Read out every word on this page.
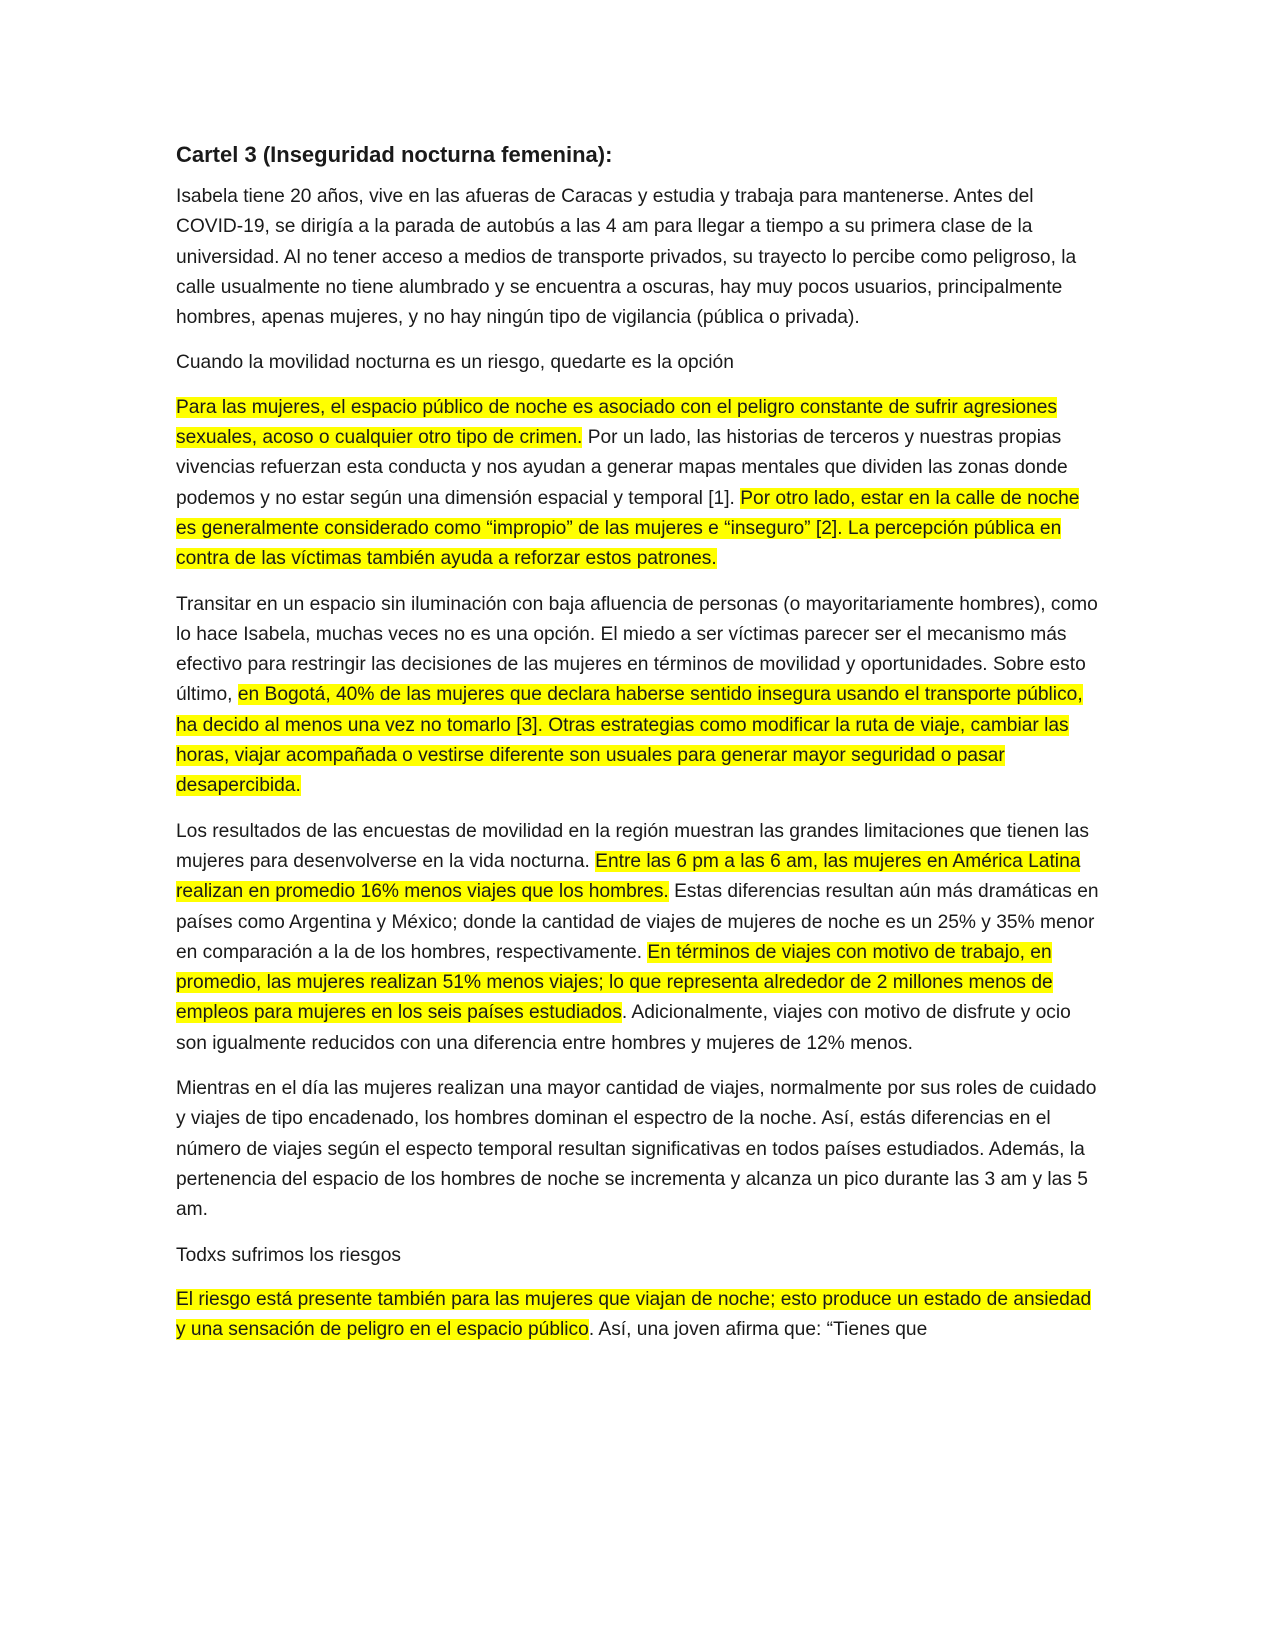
Cartel 3 (Inseguridad nocturna femenina):

Isabela tiene 20 años, vive en las afueras de Caracas y estudia y trabaja para mantenerse. Antes del COVID-19, se dirigía a la parada de autobús a las 4 am para llegar a tiempo a su primera clase de la universidad. Al no tener acceso a medios de transporte privados, su trayecto lo percibe como peligroso, la calle usualmente no tiene alumbrado y se encuentra a oscuras, hay muy pocos usuarios, principalmente hombres, apenas mujeres, y no hay ningún tipo de vigilancia (pública o privada).

Cuando la movilidad nocturna es un riesgo, quedarte es la opción

Para las mujeres, el espacio público de noche es asociado con el peligro constante de sufrir agresiones sexuales, acoso o cualquier otro tipo de crimen. Por un lado, las historias de terceros y nuestras propias vivencias refuerzan esta conducta y nos ayudan a generar mapas mentales que dividen las zonas donde podemos y no estar según una dimensión espacial y temporal [1]. Por otro lado, estar en la calle de noche es generalmente considerado como “impropio” de las mujeres e “inseguro” [2]. La percepción pública en contra de las víctimas también ayuda a reforzar estos patrones.

Transitar en un espacio sin iluminación con baja afluencia de personas (o mayoritariamente hombres), como lo hace Isabela, muchas veces no es una opción. El miedo a ser víctimas parecer ser el mecanismo más efectivo para restringir las decisiones de las mujeres en términos de movilidad y oportunidades. Sobre esto último, en Bogotá, 40% de las mujeres que declara haberse sentido insegura usando el transporte público, ha decido al menos una vez no tomarlo [3]. Otras estrategias como modificar la ruta de viaje, cambiar las horas, viajar acompañada o vestirse diferente son usuales para generar mayor seguridad o pasar desapercibida.

Los resultados de las encuestas de movilidad en la región muestran las grandes limitaciones que tienen las mujeres para desenvolverse en la vida nocturna. Entre las 6 pm a las 6 am, las mujeres en América Latina realizan en promedio 16% menos viajes que los hombres. Estas diferencias resultan aún más dramáticas en países como Argentina y México; donde la cantidad de viajes de mujeres de noche es un 25% y 35% menor en comparación a la de los hombres, respectivamente. En términos de viajes con motivo de trabajo, en promedio, las mujeres realizan 51% menos viajes; lo que representa alrededor de 2 millones menos de empleos para mujeres en los seis países estudiados. Adicionalmente, viajes con motivo de disfrute y ocio son igualmente reducidos con una diferencia entre hombres y mujeres de 12% menos.

Mientras en el día las mujeres realizan una mayor cantidad de viajes, normalmente por sus roles de cuidado y viajes de tipo encadenado, los hombres dominan el espectro de la noche. Así, estás diferencias en el número de viajes según el especto temporal resultan significativas en todos países estudiados. Además, la pertenencia del espacio de los hombres de noche se incrementa y alcanza un pico durante las 3 am y las 5 am.

Todxs sufrimos los riesgos

El riesgo está presente también para las mujeres que viajan de noche; esto produce un estado de ansiedad y una sensación de peligro en el espacio público. Así, una joven afirma que: “Tienes que
